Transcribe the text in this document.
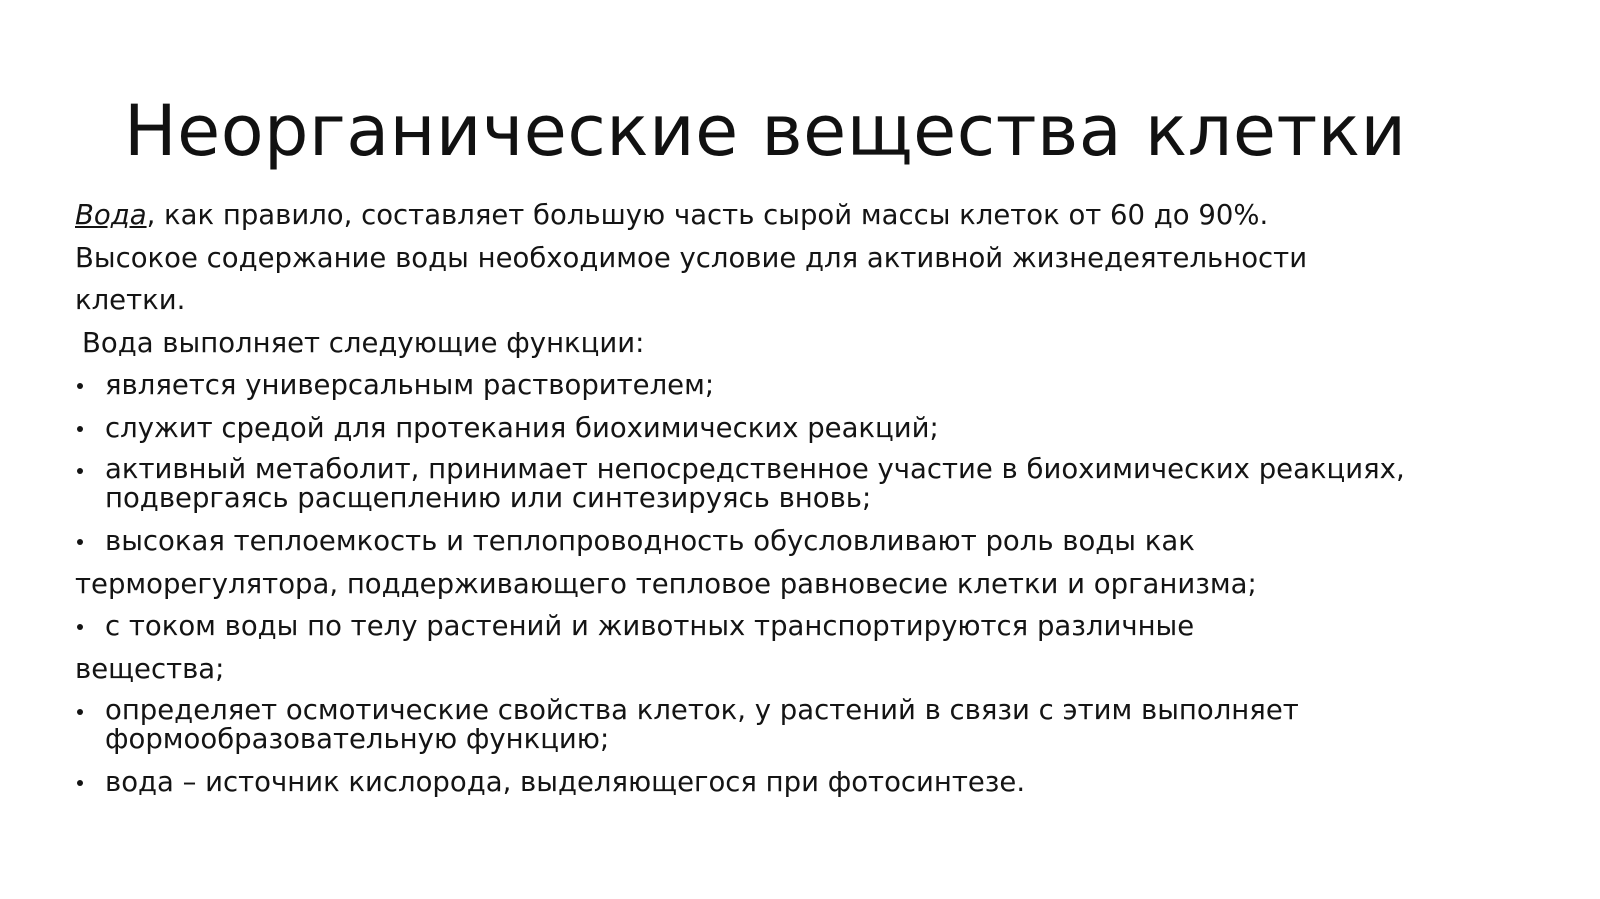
Неорганические вещества клетки
Вода, как правило, составляет большую часть сырой массы клеток от 60 до 90%.
Высокое содержание воды необходимое условие для активной жизнедеятельности
клетки.
Вода выполняет следующие функции:
является универсальным растворителем;
служит средой для протекания биохимических реакций;
активный метаболит, принимает непосредственное участие в биохимических реакциях,
подвергаясь расщеплению или синтезируясь вновь;
высокая теплоемкость и теплопроводность обусловливают роль воды как
терморегулятора, поддерживающего тепловое равновесие клетки и организма;
с током воды по телу растений и животных транспортируются различные
вещества;
определяет осмотические свойства клеток, у растений в связи с этим выполняет
формообразовательную функцию;
вода – источник кислорода, выделяющегося при фотосинтезе.
